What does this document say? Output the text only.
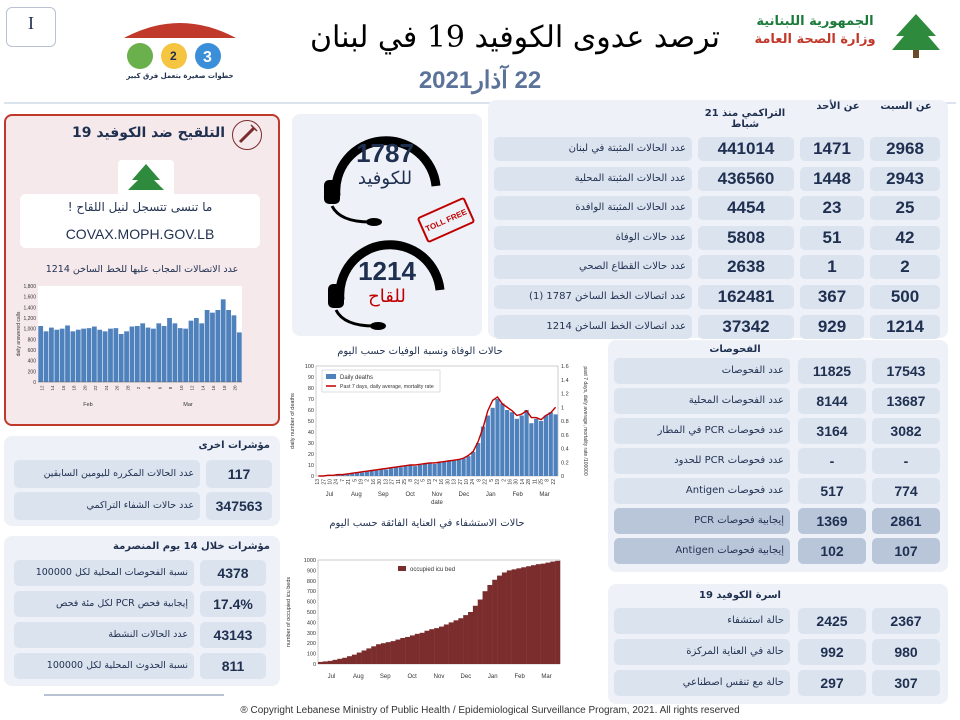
I
2 3
SMALL STEPS MAKE A BIG IMPACT
خطوات صغيرة بتعمل فرق كبير
ترصد عدوى الكوفيد 19 في لبنان
22 آذار2021
الجمهورية اللبنانية
وزارة الصحة العامة
التلقيح ضد الكوفيد 19
ما تنسى تتسجل لنيل اللقاح !
COVAX.MOPH.GOV.LB
عدد الاتصالات المجاب عليها للخط الساخن 1214
0
200
400
600
800
1,000
1,200
1,400
1,600
1,800
daily answered calls
12 14 16 18 20 22 24 26 28 2 4 6 8 10 12 14 16 18 20
Feb	Mar
1787
للكوفيد
1214
للقاح
TOLL FREE
عن السبت
عن الأحد
التراكمي منذ 21 شباط
الفحوصات
اسرة الكوفيد 19
مؤشرات اخرى
مؤشرات خلال 14 يوم المنصرمة
حالات الوفاة ونسبة الوفيات حسب اليوم
0
10
20
30
40
50
60
70
80
90
100
0
0.2
0.4
0.6
0.8
1
1.2
1.4
1.6
daily number of deaths	past 7 days, daily average, mortality rate /100000
Daily deaths
Past 7 days, daily average, mortality rate
13 27 10 24 7 21 5 19 2 16 30 13 27 11 25 8 22 5 19 2 16 30 13 27 10 24 8 22 5 19 2 16 30 14 28 11 25 8 22
Jul	Aug	Sep	Oct	Nov	Dec	Jan	Feb	Mar
date
حالات الاستشفاء في العناية الفائقة حسب اليوم
0
100
200
300
400
500
600
700
800
900
1000
number of occupied icu beds
occupied icu bed
Jul	Aug	Sep	Oct	Nov	Dec	Jan	Feb	Mar
® Copyright Lebanese Ministry of Public Health / Epidemiological Surveillance Program, 2021. All rights reserved
عدد الحالات المثبتة في لبنان	441014	1471	2968
عدد الحالات المثبتة المحلية	436560	1448	2943
عدد الحالات المثبتة الوافدة	4454	23	25
عدد حالات الوفاة	5808	51	42
عدد حالات القطاع الصحي	2638	1	2
عدد اتصالات الخط الساخن 1787 (1)	162481	367	500
عدد اتصالات الخط الساخن 1214	37342	929	1214
عدد الفحوصات	11825	17543
عدد الفحوصات المحلية	8144	13687
عدد فحوصات PCR في المطار	3164	3082
عدد فحوصات PCR للحدود	-	-
عدد فحوصات Antigen	517	774
إيجابية فحوصات PCR	1369	2861
إيجابية فحوصات Antigen	102	107
حالة استشفاء	2425	2367
حالة في العناية المركزة	992	980
حالة مع تنفس اصطناعي	297	307
عدد الحالات المكرره لليومين السابقين	117
عدد حالات الشفاء التراكمي	347563
نسبة الفحوصات المحلية لكل 100000	4378
إيجابية فحص PCR لكل مئة فحص	17.4%
عدد الحالات النشطة	43143
نسبة الحدوث المحلية لكل 100000	811
